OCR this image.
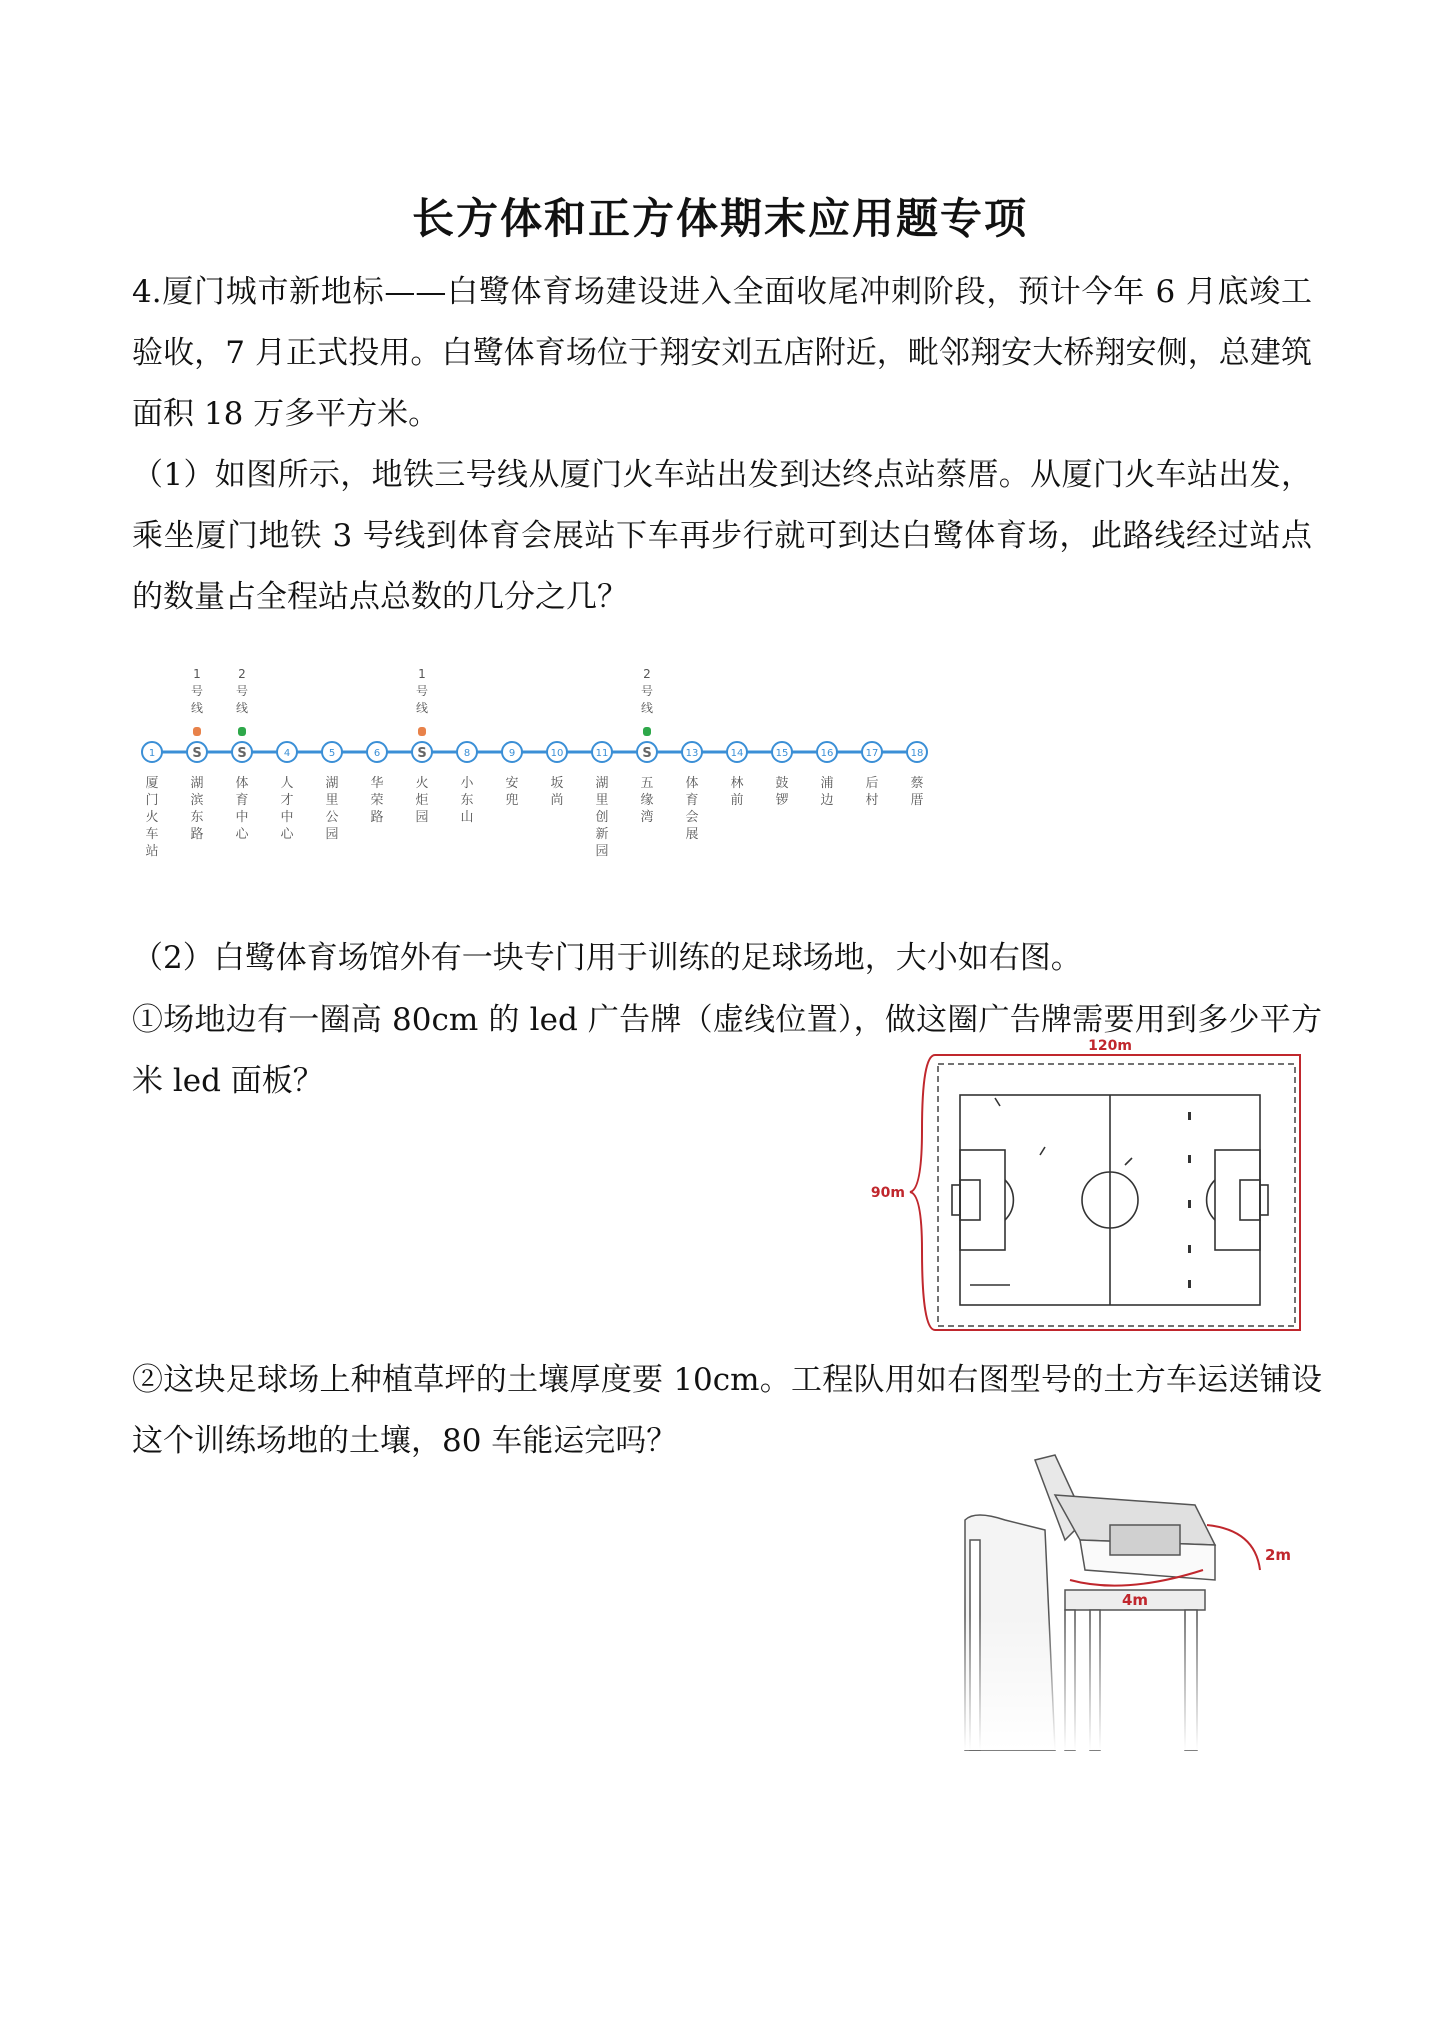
长方体和正方体期末应用题专项

4.厦门城市新地标——白鹭体育场建设进入全面收尾冲刺阶段，预计今年 6 月底竣工验收，7 月正式投用。白鹭体育场位于翔安刘五店附近，毗邻翔安大桥翔安侧，总建筑面积 18 万多平方米。

（1）如图所示，地铁三号线从厦门火车站出发到达终点站蔡厝。从厦门火车站出发，乘坐厦门地铁 3 号线到体育会展站下车再步行就可到达白鹭体育场，此路线经过站点的数量占全程站点总数的几分之几？

1
厦
门
火
车
站
S
1
号
线
湖
滨
东
路
S
2
号
线
体
育
中
心
4
人
才
中
心
5
湖
里
公
园
6
华
荣
路
S
1
号
线
火
炬
园
8
小
东
山
9
安
兜
10
坂
尚
11
湖
里
创
新
园
S
2
号
线
五
缘
湾
13
体
育
会
展
14
林
前
15
鼓
锣
16
浦
边
17
后
村
18
蔡
厝

（2）白鹭体育场馆外有一块专门用于训练的足球场地，大小如右图。

①场地边有一圈高 80cm 的 led 广告牌（虚线位置），做这圈广告牌需要用到多少平方米 led 面板？

120m
90m

②这块足球场上种植草坪的土壤厚度要 10cm。工程队用如右图型号的土方车运送铺设这个训练场地的土壤，80 车能运完吗？
